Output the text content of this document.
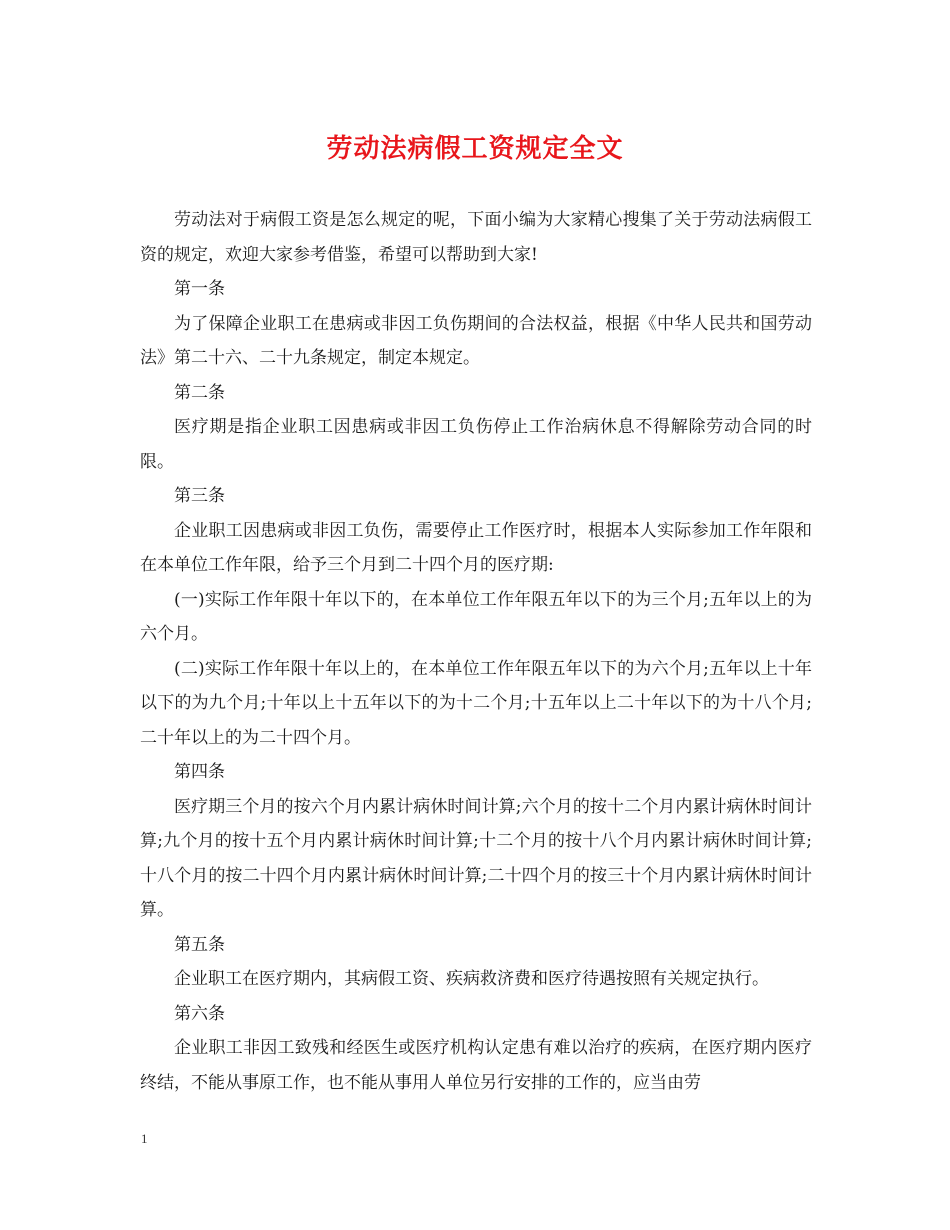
劳动法病假工资规定全文

劳动法对于病假工资是怎么规定的呢，下面小编为大家精心搜集了关于劳动法病假工资的规定，欢迎大家参考借鉴，希望可以帮助到大家!

第一条

为了保障企业职工在患病或非因工负伤期间的合法权益，根据《中华人民共和国劳动法》第二十六、二十九条规定，制定本规定。

第二条

医疗期是指企业职工因患病或非因工负伤停止工作治病休息不得解除劳动合同的时限。

第三条

企业职工因患病或非因工负伤，需要停止工作医疗时，根据本人实际参加工作年限和在本单位工作年限，给予三个月到二十四个月的医疗期:

(一)实际工作年限十年以下的，在本单位工作年限五年以下的为三个月;五年以上的为六个月。

(二)实际工作年限十年以上的，在本单位工作年限五年以下的为六个月;五年以上十年以下的为九个月;十年以上十五年以下的为十二个月;十五年以上二十年以下的为十八个月;二十年以上的为二十四个月。

第四条

医疗期三个月的按六个月内累计病休时间计算;六个月的按十二个月内累计病休时间计算;九个月的按十五个月内累计病休时间计算;十二个月的按十八个月内累计病休时间计算;十八个月的按二十四个月内累计病休时间计算;二十四个月的按三十个月内累计病休时间计算。

第五条

企业职工在医疗期内，其病假工资、疾病救济费和医疗待遇按照有关规定执行。

第六条

企业职工非因工致残和经医生或医疗机构认定患有难以治疗的疾病，在医疗期内医疗终结，不能从事原工作，也不能从事用人单位另行安排的工作的，应当由劳

1
